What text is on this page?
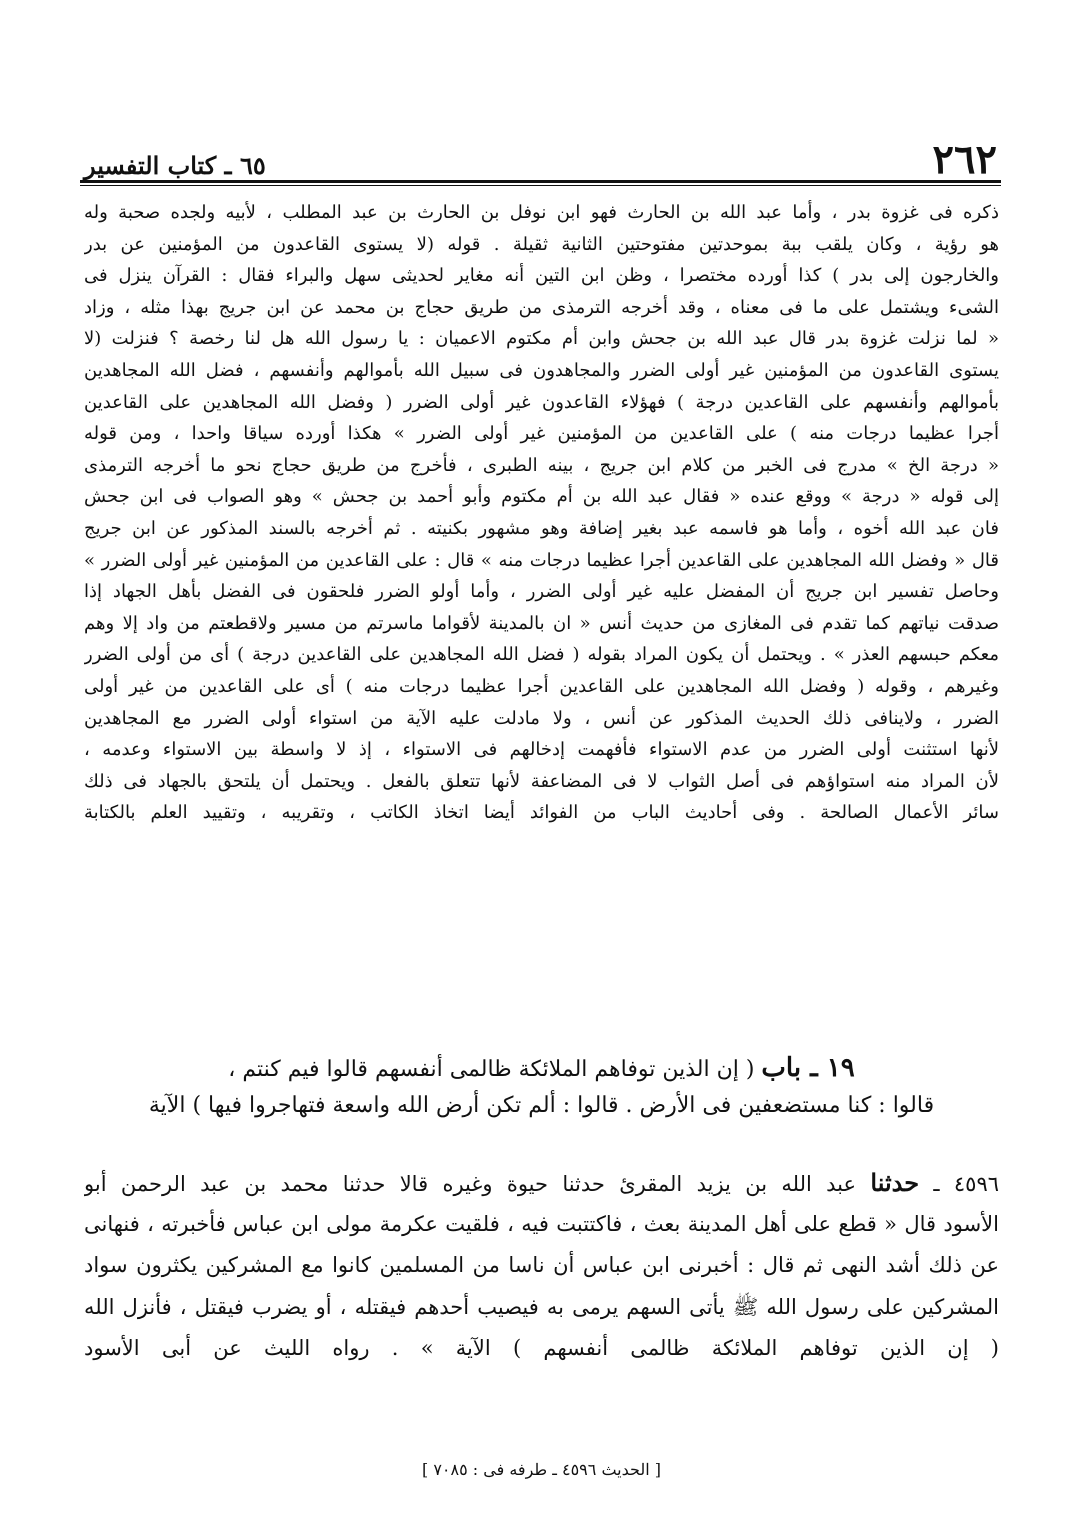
٦٥ ـ كتاب التفسير	٢٦٢
ذكره فى غزوة بدر ، وأما عبد الله بن الحارث فهو ابن نوفل بن الحارث بن عبد المطلب ، لأبيه ولجده صحبة وله
هو رؤية ، وكان يلقب ببة بموحدتين مفتوحتين الثانية ثقيلة . قوله (لا يستوى القاعدون من المؤمنين عن بدر
والخارجون إلى بدر ) كذا أورده مختصرا ، وظن ابن التين أنه مغاير لحديثى سهل والبراء فقال : القرآن ينزل فى
الشىء ويشتمل على ما فى معناه ، وقد أخرجه الترمذى من طريق حجاج بن محمد عن ابن جريج بهذا مثله ، وزاد
« لما نزلت غزوة بدر قال عبد الله بن جحش وابن أم مكتوم الاعميان : يا رسول الله هل لنا رخصة ؟ فنزلت (لا
يستوى القاعدون من المؤمنين غير أولى الضرر والمجاهدون فى سبيل الله بأموالهم وأنفسهم ، فضل الله المجاهدين
بأموالهم وأنفسهم على القاعدين درجة ) فهؤلاء القاعدون غير أولى الضرر ( وفضل الله المجاهدين على القاعدين
أجرا عظيما درجات منه ) على القاعدين من المؤمنين غير أولى الضرر » هكذا أورده سياقا واحدا ، ومن قوله
« درجة الخ » مدرج فى الخبر من كلام ابن جريج ، بينه الطبرى ، فأخرج من طريق حجاج نحو ما أخرجه الترمذى
إلى قوله « درجة » ووقع عنده « فقال عبد الله بن أم مكتوم وأبو أحمد بن جحش » وهو الصواب فى ابن جحش
فان عبد الله أخوه ، وأما هو فاسمه عبد بغير إضافة وهو مشهور بكنيته . ثم أخرجه بالسند المذكور عن ابن جريج
قال « وفضل الله المجاهدين على القاعدين أجرا عظيما درجات منه » قال : على القاعدين من المؤمنين غير أولى الضرر »
وحاصل تفسير ابن جريج أن المفضل عليه غير أولى الضرر ، وأما أولو الضرر فلحقون فى الفضل بأهل الجهاد إذا
صدقت نياتهم كما تقدم فى المغازى من حديث أنس « ان بالمدينة لأقواما ماسرتم من مسير ولاقطعتم من واد إلا وهم
معكم حبسهم العذر » . ويحتمل أن يكون المراد بقوله ( فضل الله المجاهدين على القاعدين درجة ) أى من أولى الضرر
وغيرهم ، وقوله ( وفضل الله المجاهدين على القاعدين أجرا عظيما درجات منه ) أى على القاعدين من غير أولى
الضرر ، ولاينافى ذلك الحديث المذكور عن أنس ، ولا مادلت عليه الآية من استواء أولى الضرر مع المجاهدين
لأنها استثنت أولى الضرر من عدم الاستواء فأفهمت إدخالهم فى الاستواء ، إذ لا واسطة بين الاستواء وعدمه ،
لأن المراد منه استواؤهم فى أصل الثواب لا فى المضاعفة لأنها تتعلق بالفعل . ويحتمل أن يلتحق بالجهاد فى ذلك
سائر الأعمال الصالحة . وفى أحاديث الباب من الفوائد أيضا اتخاذ الكاتب ، وتقريبه ، وتقييد العلم بالكتابة
١٩ ـ باب ( إن الذين توفاهم الملائكة ظالمى أنفسهم قالوا فيم كنتم ،
قالوا : كنا مستضعفين فى الأرض . قالوا : ألم تكن أرض الله واسعة فتهاجروا فيها ) الآية
٤٥٩٦ ـ حدثنا عبد الله بن يزيد المقرئ حدثنا حيوة وغيره قالا حدثنا محمد بن عبد الرحمن أبو
الأسود قال « قطع على أهل المدينة بعث ، فاكتتبت فيه ، فلقيت عكرمة مولى ابن عباس فأخبرته ، فنهانى
عن ذلك أشد النهى ثم قال : أخبرنى ابن عباس أن ناسا من المسلمين كانوا مع المشركين يكثرون سواد
المشركين على رسول الله ﷺ يأتى السهم يرمى به فيصيب أحدهم فيقتله ، أو يضرب فيقتل ، فأنزل الله
( إن الذين توفاهم الملائكة ظالمى أنفسهم ) الآية » . رواه الليث عن أبى الأسود
[ الحديث ٤٥٩٦ ـ طرفه فى : ٧٠٨٥ ]
